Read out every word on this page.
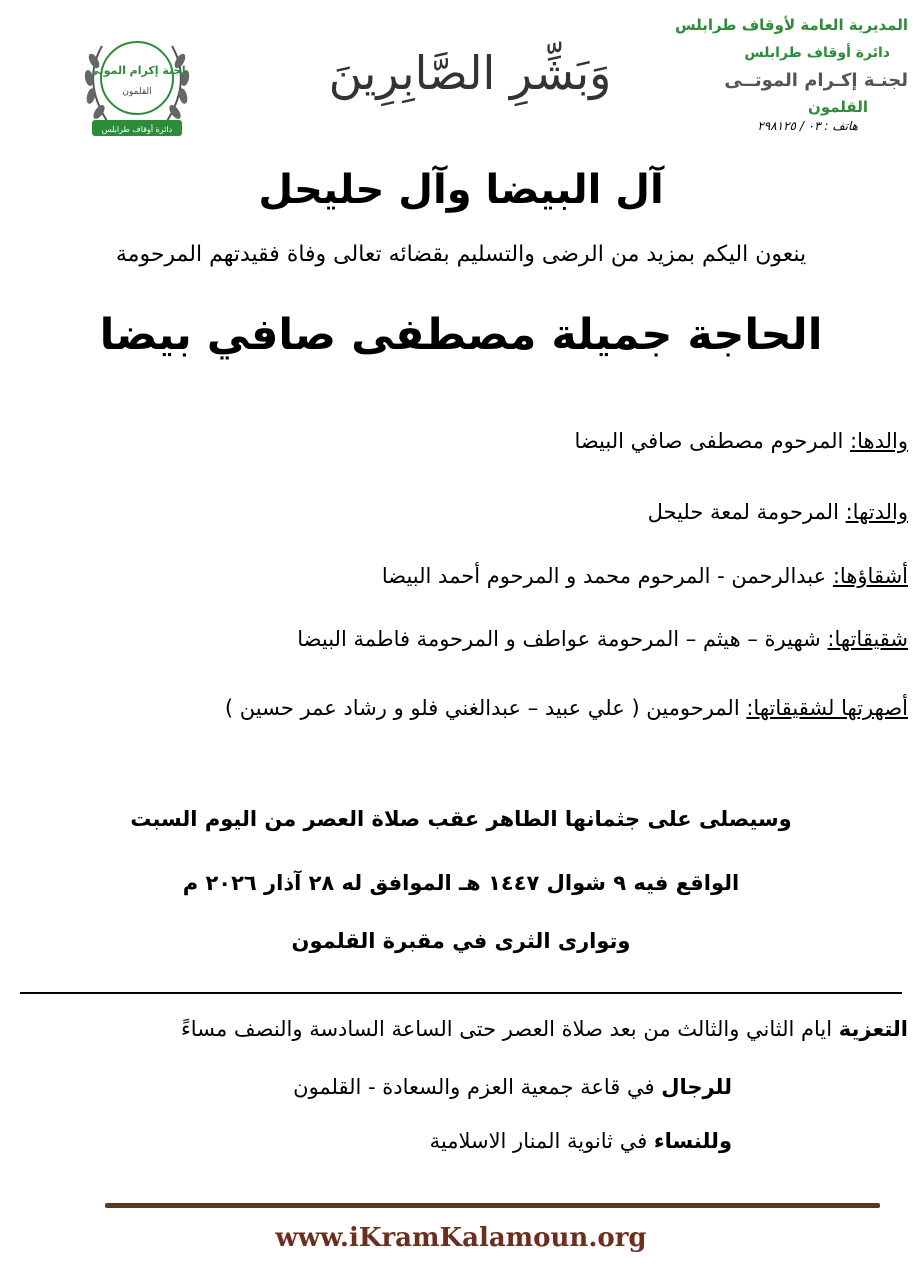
المديرية العامة لأوقاف طرابلس
دائرة أوقاف طرابلس
لجنـة إكـرام الموتــى
القلمون
هاتف : ٠٣ / ٢٩٨١٢٥
وَبَشِّرِ الصَّابِرِينَ
لجنة إكرام الموتى
القلمون
دائرة أوقاف طرابلس
آل البيضا وآل حليحل
ينعون اليكم بمزيد من الرضى والتسليم بقضائه تعالى وفاة فقيدتهم المرحومة
الحاجة جميلة مصطفى صافي بيضا
والدها: المرحوم مصطفى صافي البيضا
والدتها: المرحومة لمعة حليحل
أشقاؤها: عبدالرحمن - المرحوم محمد و المرحوم أحمد البيضا
شقيقاتها: شهيرة – هيثم – المرحومة عواطف و المرحومة فاطمة البيضا
أصهرتها لشقيقاتها: المرحومين ( علي عبيد – عبدالغني فلو و رشاد عمر حسين )
وسيصلى على جثمانها الطاهر عقب صلاة العصر من اليوم السبت
الواقع فيه ٩ شوال ١٤٤٧ هـ الموافق له ٢٨ آذار ٢٠٢٦ م
وتوارى الثرى في مقبرة القلمون
التعزية ايام الثاني والثالث من بعد صلاة العصر حتى الساعة السادسة والنصف مساءً
للرجال في قاعة جمعية العزم والسعادة - القلمون
وللنساء في ثانوية المنار الاسلامية
www.iKramKalamoun.org
